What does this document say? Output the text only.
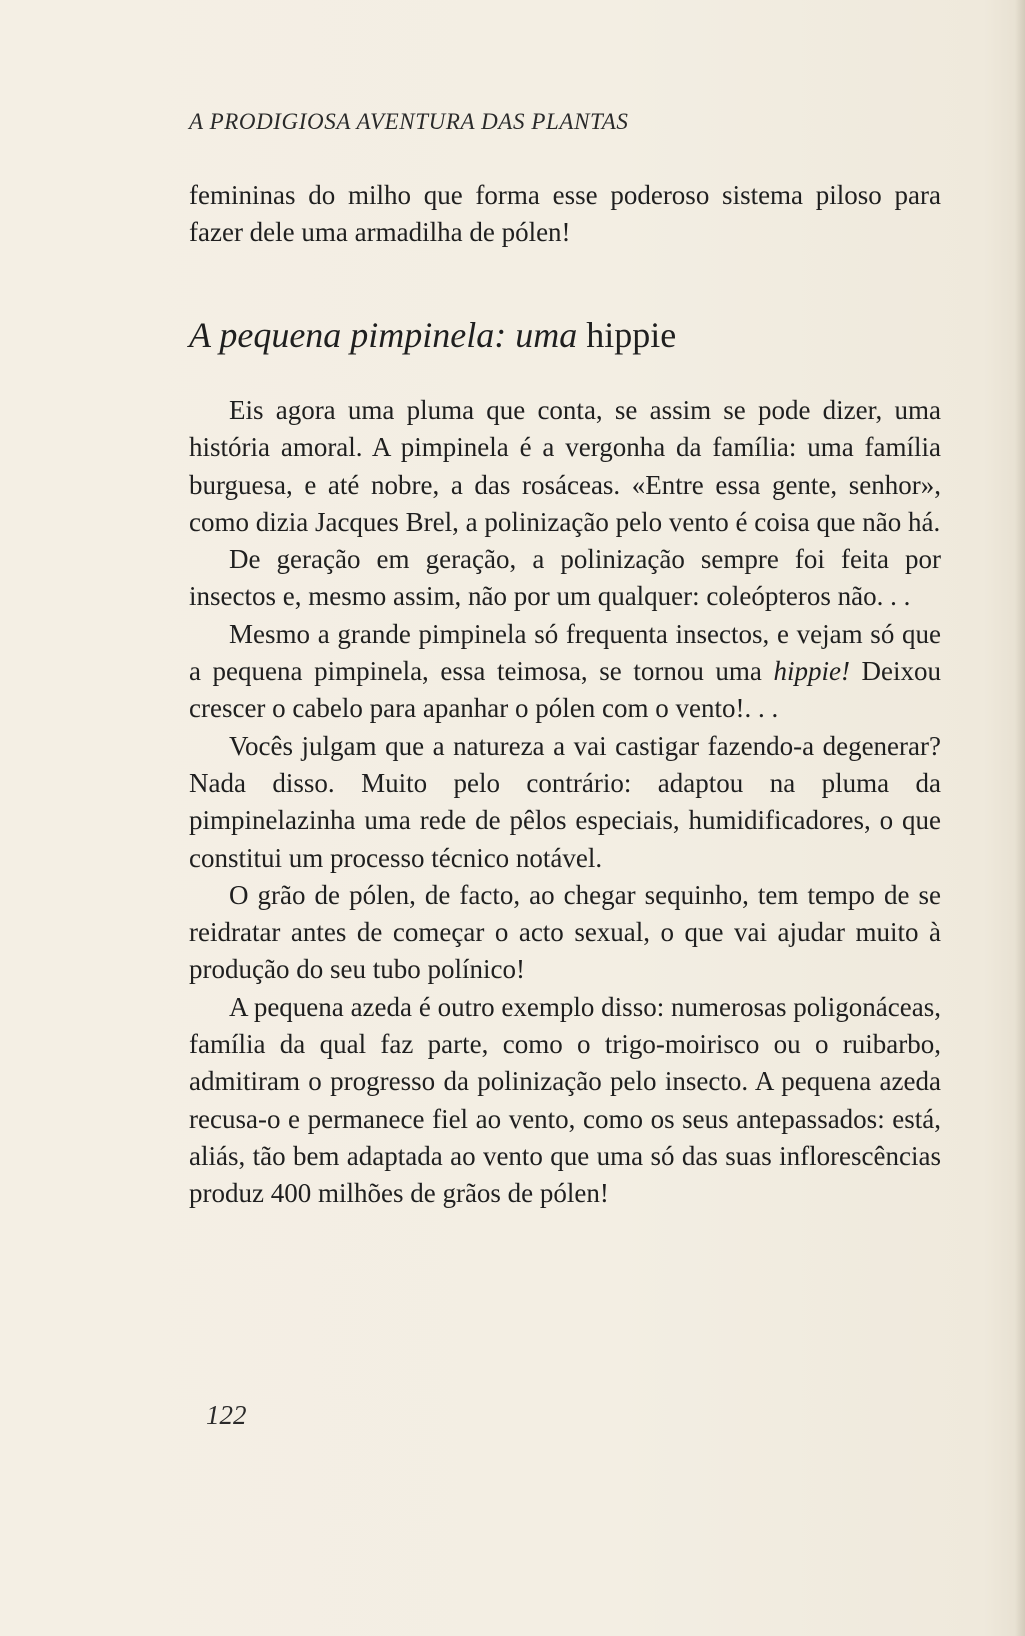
A PRODIGIOSA AVENTURA DAS PLANTAS

femininas do milho que forma esse poderoso sistema piloso para fazer dele uma armadilha de pólen!

A pequena pimpinela: uma hippie

Eis agora uma pluma que conta, se assim se pode dizer, uma história amoral. A pimpinela é a vergonha da família: uma família burguesa, e até nobre, a das rosáceas. «Entre essa gente, senhor», como dizia Jacques Brel, a polinização pelo vento é coisa que não há.

De geração em geração, a polinização sempre foi feita por insectos e, mesmo assim, não por um qualquer: coleópteros não. . .

Mesmo a grande pimpinela só frequenta insectos, e vejam só que a pequena pimpinela, essa teimosa, se tornou uma hippie! Deixou crescer o cabelo para apanhar o pólen com o vento!. . .

Vocês julgam que a natureza a vai castigar fazendo-a degenerar? Nada disso. Muito pelo contrário: adaptou na pluma da pimpinelazinha uma rede de pêlos especiais, humidificadores, o que constitui um processo técnico notável.

O grão de pólen, de facto, ao chegar sequinho, tem tempo de se reidratar antes de começar o acto sexual, o que vai ajudar muito à produção do seu tubo polínico!

A pequena azeda é outro exemplo disso: numerosas poligonáceas, família da qual faz parte, como o trigo-moirisco ou o ruibarbo, admitiram o progresso da polinização pelo insecto. A pequena azeda recusa-o e permanece fiel ao vento, como os seus antepassados: está, aliás, tão bem adaptada ao vento que uma só das suas inflorescências produz 400 milhões de grãos de pólen!

122
